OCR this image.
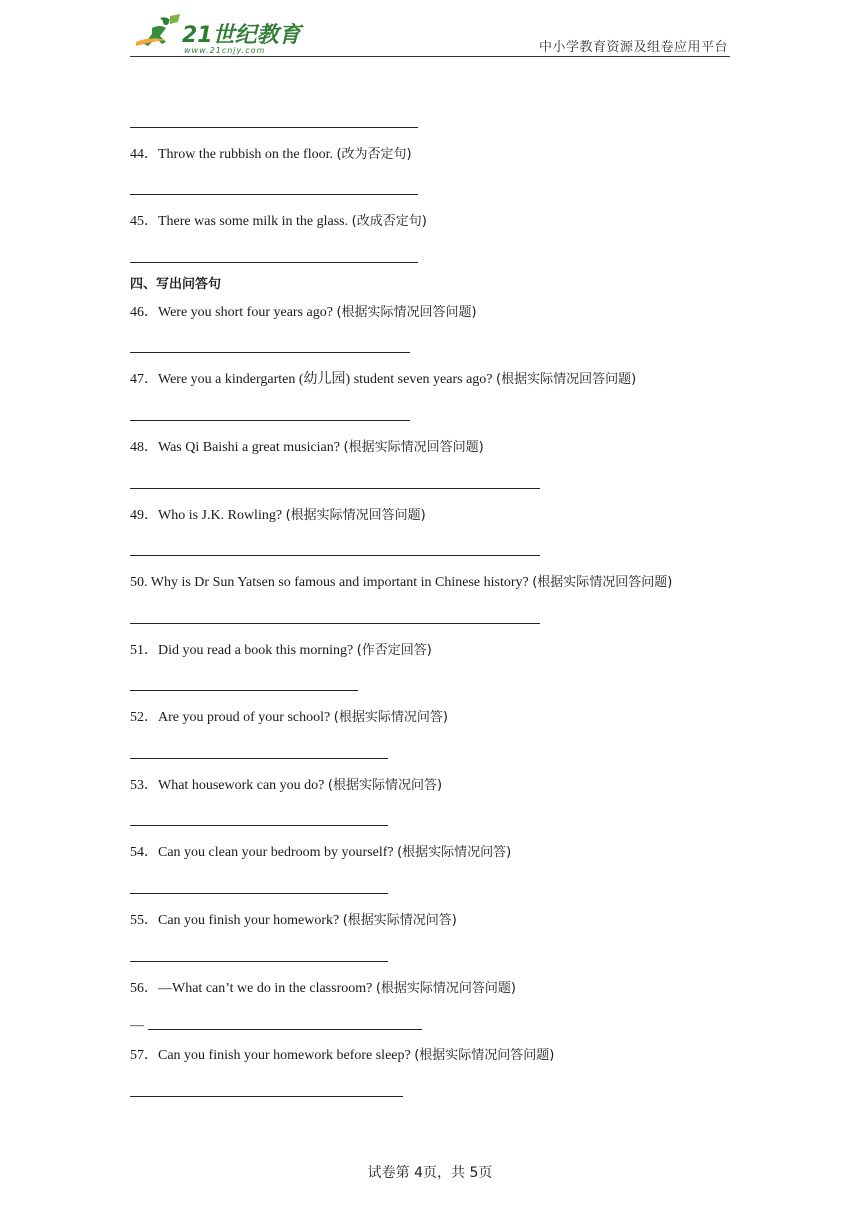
21世纪教育
www.21cnjy.com	中小学教育资源及组卷应用平台
44．Throw the rubbish on the floor. (改为否定句)
45．There was some milk in the glass. (改成否定句)
四、写出问答句
46．Were you short four years ago? (根据实际情况回答问题)
47．Were you a kindergarten (幼儿园) student seven years ago? (根据实际情况回答问题)
48．Was Qi Baishi a great musician? (根据实际情况回答问题)
49．Who is J.K. Rowling? (根据实际情况回答问题)
50. Why is Dr Sun Yatsen so famous and important in Chinese history? (根据实际情况回答问题)
51．Did you read a book this morning? (作否定回答)
52．Are you proud of your school? (根据实际情况问答)
53．What housework can you do? (根据实际情况问答)
54．Can you clean your bedroom by yourself? (根据实际情况问答)
55．Can you finish your homework? (根据实际情况问答)
56．—What can’t we do in the classroom? (根据实际情况问答问题)
—
57．Can you finish your homework before sleep? (根据实际情况问答问题)
试卷第 4页，共 5页
